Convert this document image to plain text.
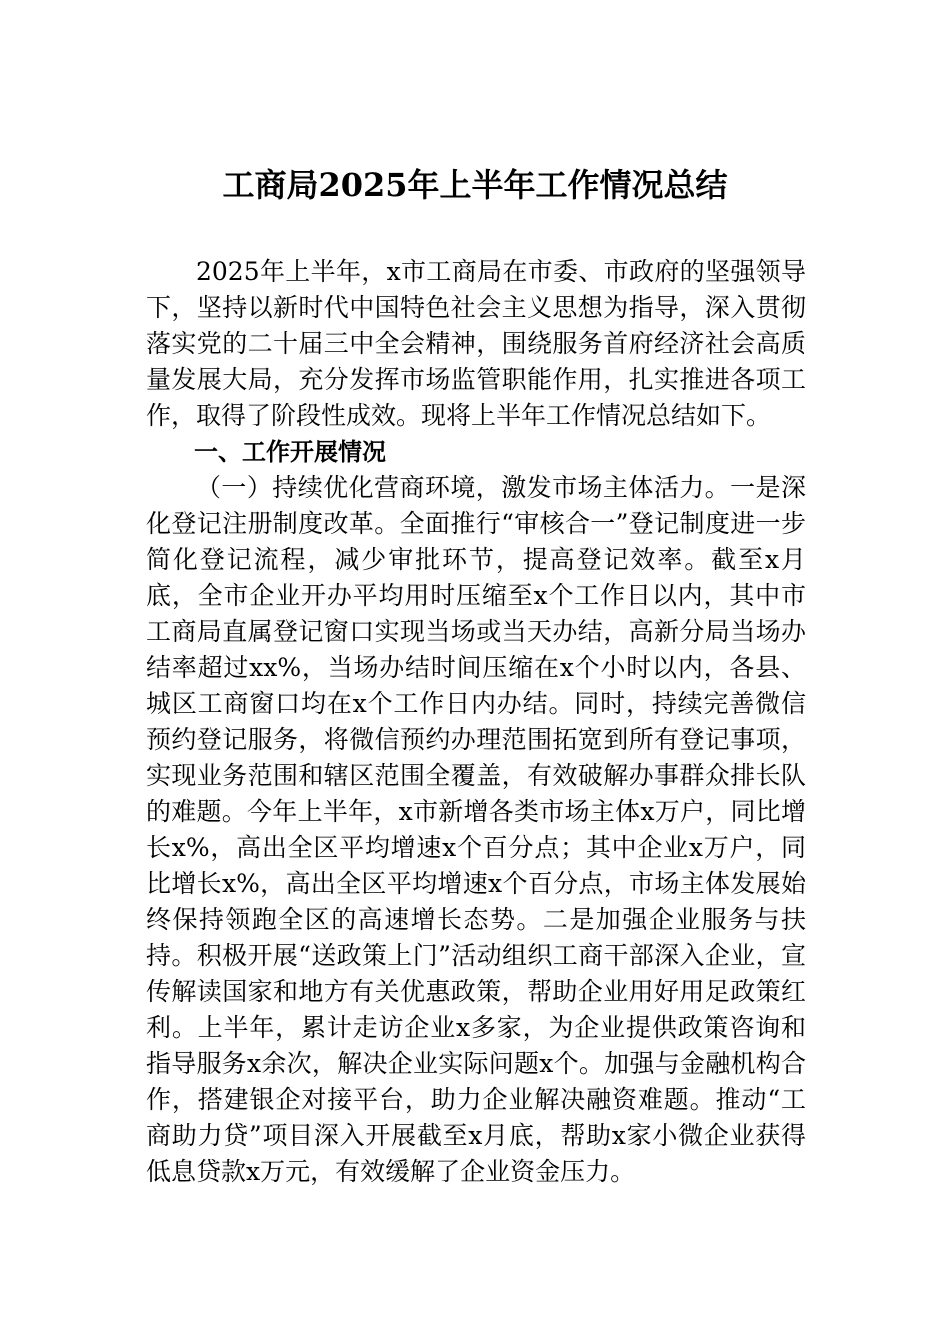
工商局2025年上半年工作情况总结

2025年上半年，x市工商局在市委、市政府的坚强领导下，坚持以新时代中国特色社会主义思想为指导，深入贯彻落实党的二十届三中全会精神，围绕服务首府经济社会高质量发展大局，充分发挥市场监管职能作用，扎实推进各项工作，取得了阶段性成效。现将上半年工作情况总结如下。

一、工作开展情况

（一）持续优化营商环境，激发市场主体活力。一是深化登记注册制度改革。全面推行“审核合一”登记制度进一步简化登记流程，减少审批环节，提高登记效率。截至x月底，全市企业开办平均用时压缩至x个工作日以内，其中市工商局直属登记窗口实现当场或当天办结，高新分局当场办结率超过xx%，当场办结时间压缩在x个小时以内，各县、城区工商窗口均在x个工作日内办结。同时，持续完善微信预约登记服务，将微信预约办理范围拓宽到所有登记事项，实现业务范围和辖区范围全覆盖，有效破解办事群众排长队的难题。今年上半年，x市新增各类市场主体x万户，同比增长x%，高出全区平均增速x个百分点；其中企业x万户，同比增长x%，高出全区平均增速x个百分点，市场主体发展始终保持领跑全区的高速增长态势。二是加强企业服务与扶持。积极开展“送政策上门”活动组织工商干部深入企业，宣传解读国家和地方有关优惠政策，帮助企业用好用足政策红利。上半年，累计走访企业x多家，为企业提供政策咨询和指导服务x余次，解决企业实际问题x个。加强与金融机构合作，搭建银企对接平台，助力企业解决融资难题。推动“工商助力贷”项目深入开展截至x月底，帮助x家小微企业获得低息贷款x万元，有效缓解了企业资金压力。
